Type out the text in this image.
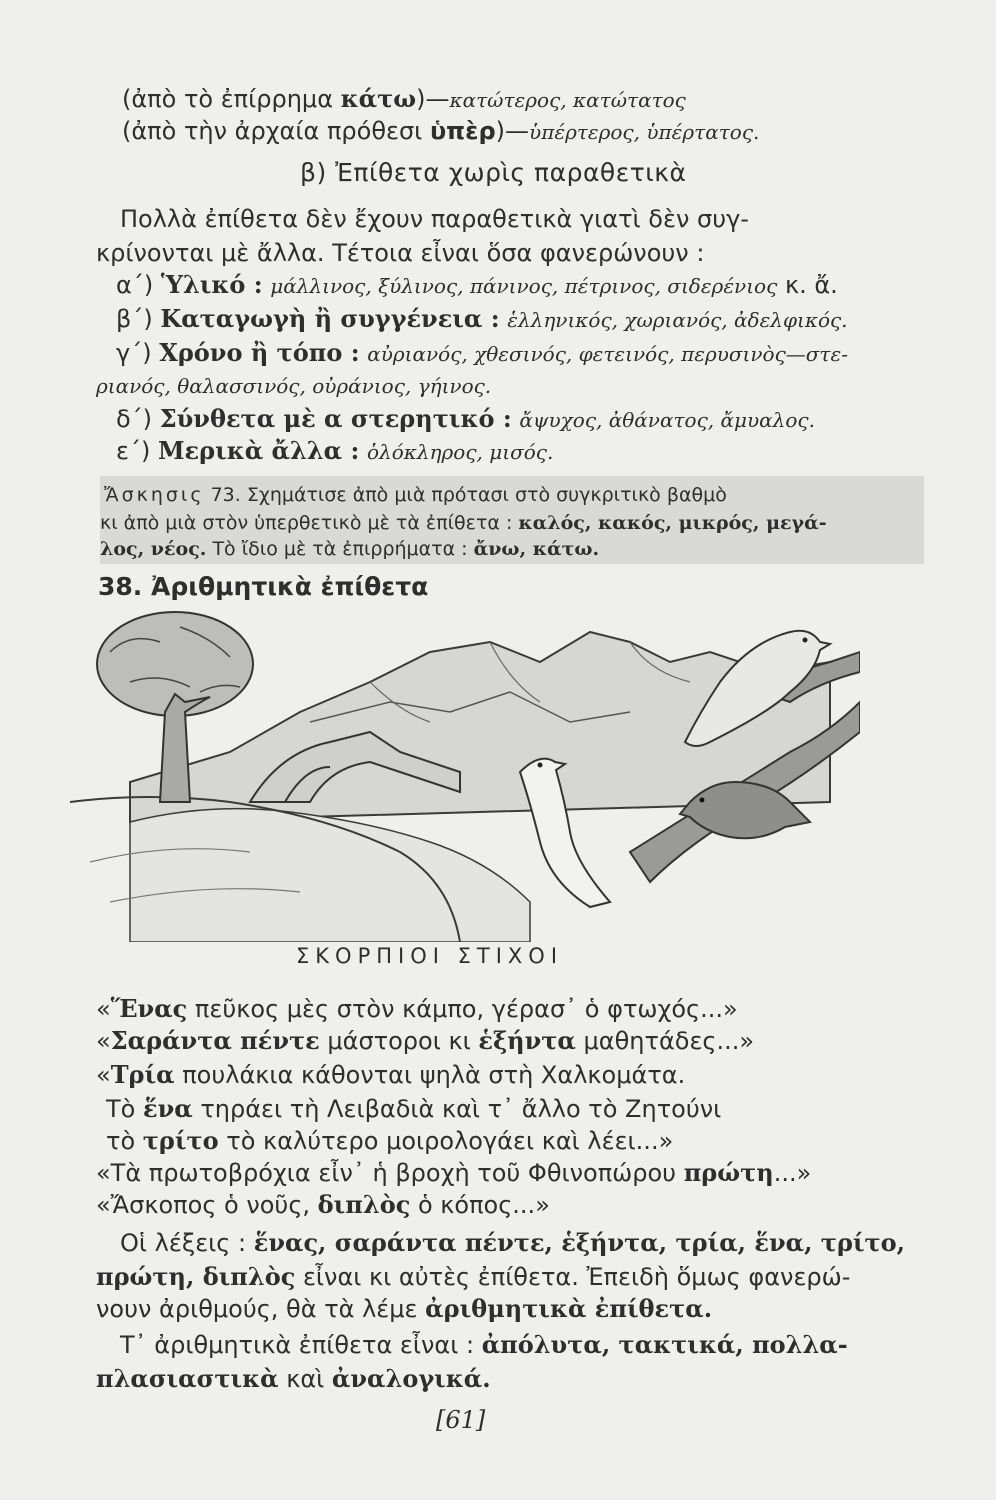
(ἀπὸ τὸ ἐπίρρημα κάτω)—κατώτερος, κατώτατος
(ἀπὸ τὴν ἀρχαία πρόθεσι ὑπὲρ)—ὑπέρτερος, ὑπέρτατος.
β) Ἐπίθετα χωρὶς παραθετικὰ
Πολλὰ ἐπίθετα δὲν ἔχουν παραθετικὰ γιατὶ δὲν συγ-
κρίνονται μὲ ἄλλα. Τέτοια εἶναι ὅσα φανερώνουν :
α΄) Ὑλικό : μάλλινος, ξύλινος, πάνινος, πέτρινος, σιδερένιος κ. ἄ.
β΄) Καταγωγὴ ἢ συγγένεια : ἑλληνικός, χωριανός, ἀδελφικός.
γ΄) Χρόνο ἢ τόπο : αὐριανός, χθεσινός, φετεινός, περυσινὸς—στε-
ριανός, θαλασσινός, οὐράνιος, γήινος.
δ΄) Σύνθετα μὲ α στερητικό : ἄψυχος, ἀθάνατος, ἄμυαλος.
ε΄) Μερικὰ ἄλλα : ὁλόκληρος, μισός.
Ἄσκησις 73. Σχημάτισε ἀπὸ μιὰ πρότασι στὸ συγκριτικὸ βαθμὸ
κι ἀπὸ μιὰ στὸν ὑπερθετικὸ μὲ τὰ ἐπίθετα : καλός, κακός, μικρός, μεγά-
λος, νέος. Τὸ ἴδιο μὲ τὰ ἐπιρρήματα : ἄνω, κάτω.
38. Ἀριθμητικὰ ἐπίθετα
ΣΚΟΡΠΙΟΙ ΣΤΙΧΟΙ
«Ἕνας πεῦκος μὲς στὸν κάμπο, γέρασ᾽ ὁ φτωχός...»
«Σαράντα πέντε μάστοροι κι ἑξήντα μαθητάδες...»
«Τρία πουλάκια κάθονται ψηλὰ στὴ Χαλκομάτα.
Τὸ ἕνα τηράει τὴ Λειβαδιὰ καὶ τ᾽ ἄλλο τὸ Ζητούνι
τὸ τρίτο τὸ καλύτερο μοιρολογάει καὶ λέει...»
«Τὰ πρωτοβρόχια εἶν᾽ ἡ βροχὴ τοῦ Φθινοπώρου πρώτη...»
«Ἄσκοπος ὁ νοῦς, διπλὸς ὁ κόπος...»
Οἱ λέξεις : ἕνας, σαράντα πέντε, ἑξήντα, τρία, ἕνα, τρίτο,
πρώτη, διπλὸς εἶναι κι αὐτὲς ἐπίθετα. Ἐπειδὴ ὅμως φανερώ-
νουν ἀριθμούς, θὰ τὰ λέμε ἀριθμητικὰ ἐπίθετα.
Τ᾽ ἀριθμητικὰ ἐπίθετα εἶναι : ἀπόλυτα, τακτικά, πολλα-
πλασιαστικὰ καὶ ἀναλογικά.
[61]
